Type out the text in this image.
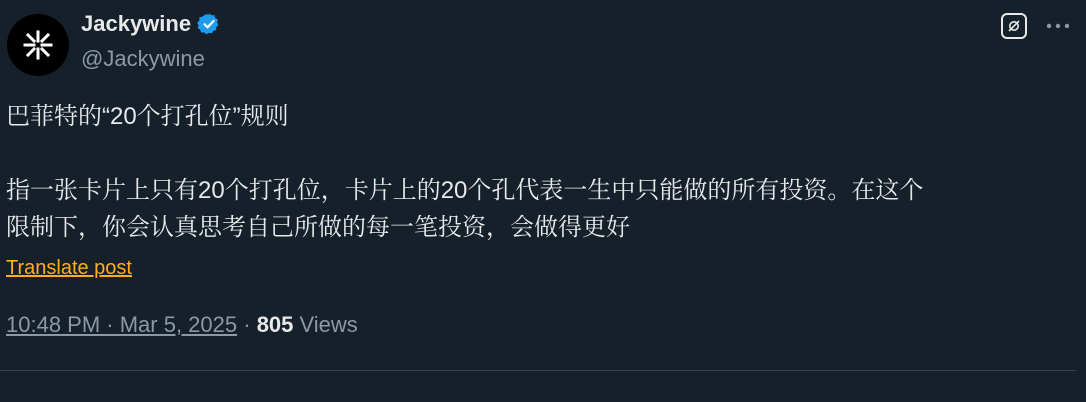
Jackywine
@Jackywine

巴菲特的“20个打孔位”规则

指一张卡片上只有20个打孔位，卡片上的20个孔代表一生中只能做的所有投资。在这个
限制下，你会认真思考自己所做的每一笔投资，会做得更好

Translate post
10:48 PM · Mar 5, 2025 · 805 Views
